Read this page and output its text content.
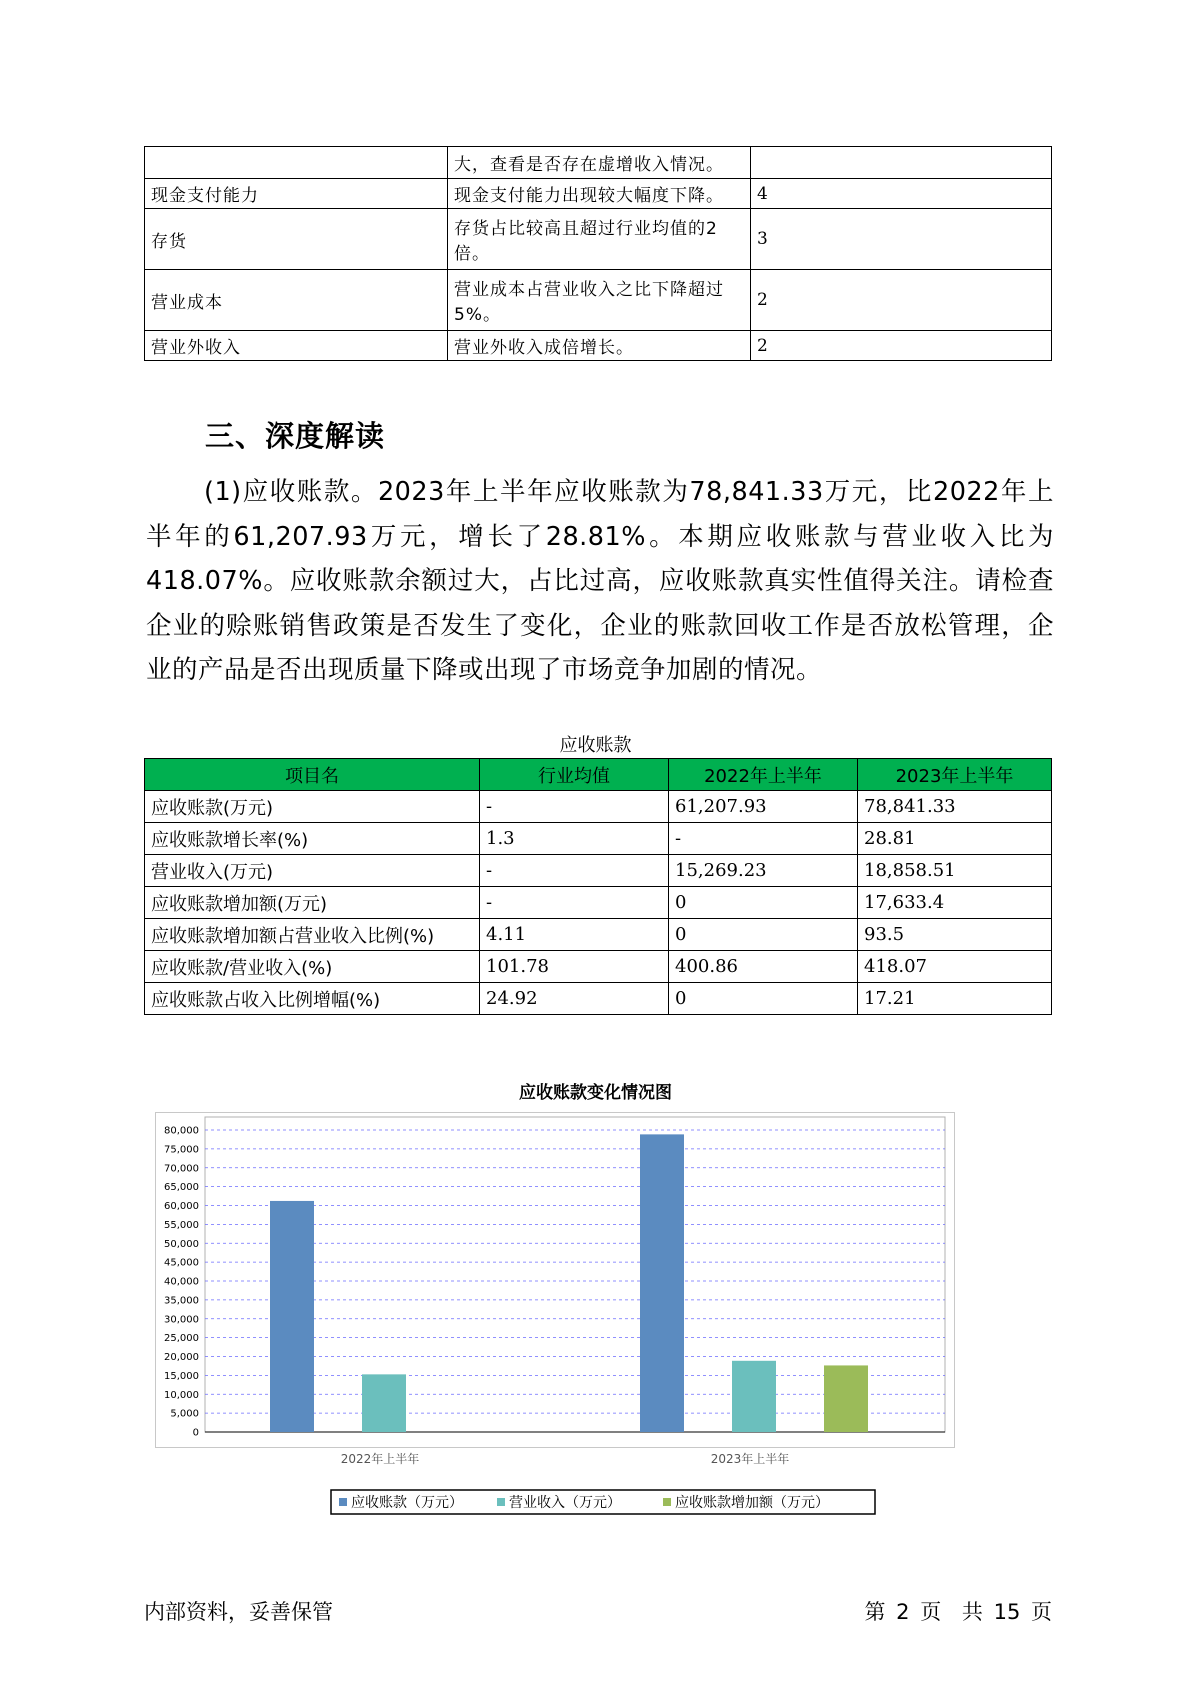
	大，查看是否存在虚增收入情况。	
现金支付能力	现金支付能力出现较大幅度下降。	4
存货	存货占比较高且超过行业均值的2倍。	3
营业成本	营业成本占营业收入之比下降超过5%。	2
营业外收入	营业外收入成倍增长。	2
三、深度解读
(1)应收账款。2023年上半年应收账款为78,841.33万元，比2022年上半年的61,207.93万元，增长了28.81%。本期应收账款与营业收入比为418.07%。应收账款余额过大，占比过高，应收账款真实性值得关注。请检查企业的赊账销售政策是否发生了变化，企业的账款回收工作是否放松管理，企业的产品是否出现质量下降或出现了市场竞争加剧的情况。
应收账款
项目名	行业均值	2022年上半年	2023年上半年
应收账款(万元)	-	61,207.93	78,841.33
应收账款增长率(%)	1.3	-	28.81
营业收入(万元)	-	15,269.23	18,858.51
应收账款增加额(万元)	-	0	17,633.4
应收账款增加额占营业收入比例(%)	4.11	0	93.5
应收账款/营业收入(%)	101.78	400.86	418.07
应收账款占收入比例增幅(%)	24.92	0	17.21
应收账款变化情况图
0
5,000
10,000
15,000
20,000
25,000
30,000
35,000
40,000
45,000
50,000
55,000
60,000
65,000
70,000
75,000
80,000
2022年上半年	2023年上半年
应收账款（万元）	营业收入（万元）	应收账款增加额（万元）
内部资料，妥善保管	第 2 页 共 15 页
